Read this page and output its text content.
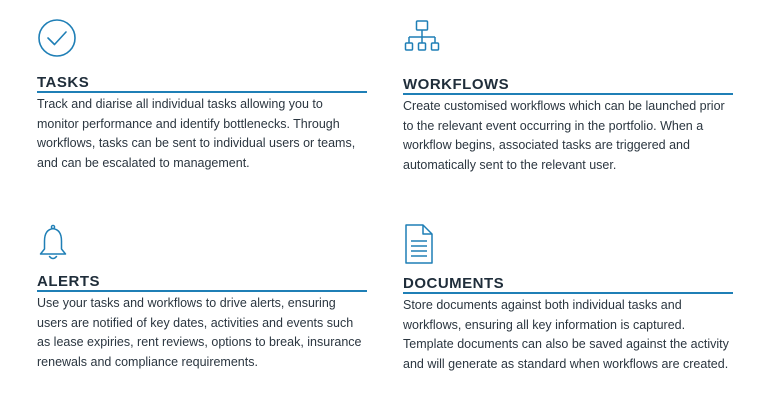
TASKS

Track and diarise all individual tasks allowing you to monitor performance and identify bottlenecks. Through workflows, tasks can be sent to individual users or teams, and can be escalated to management.

WORKFLOWS

Create customised workflows which can be launched prior to the relevant event occurring in the portfolio. When a workflow begins, associated tasks are triggered and automatically sent to the relevant user.

ALERTS

Use your tasks and workflows to drive alerts, ensuring users are notified of key dates, activities and events such as lease expiries, rent reviews, options to break, insurance renewals and compliance requirements.

DOCUMENTS

Store documents against both individual tasks and workflows, ensuring all key information is captured. Template documents can also be saved against the activity and will generate as standard when workflows are created.
